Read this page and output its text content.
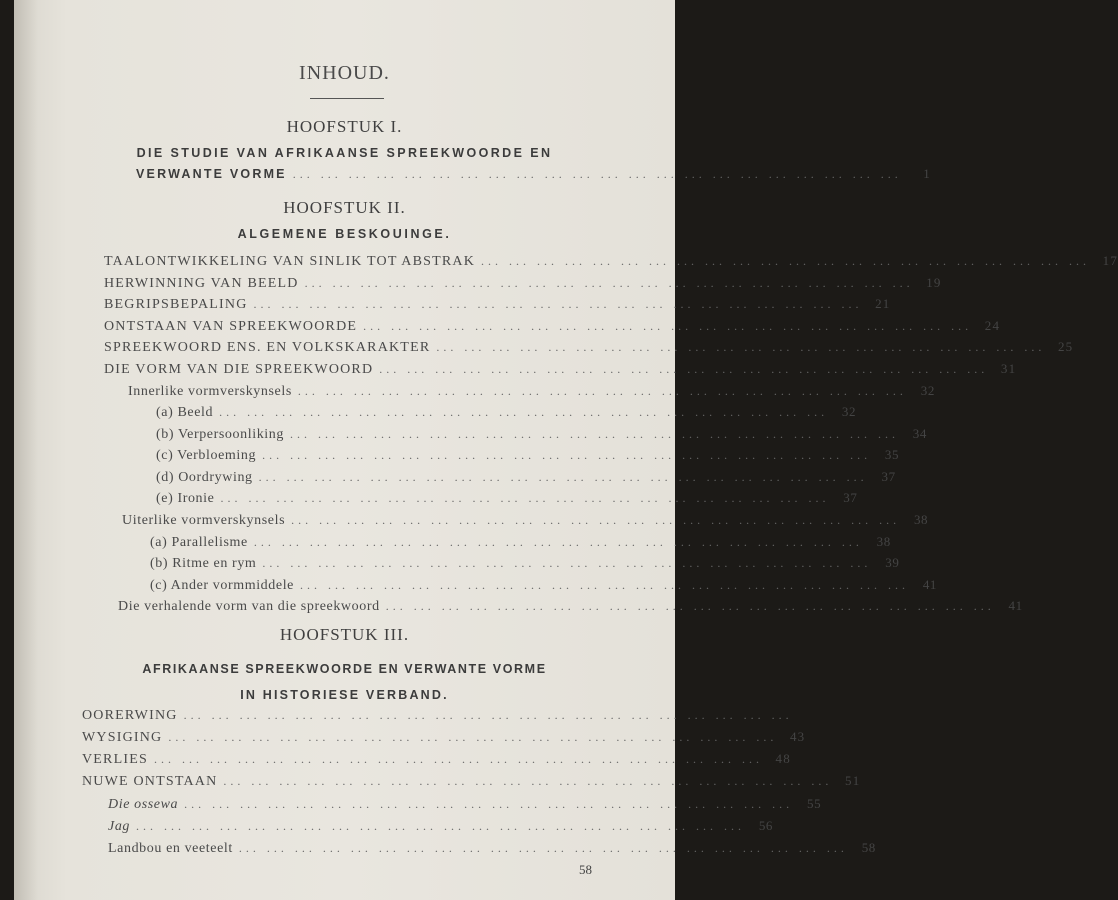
INHOUD.
HOOFSTUK I.
DIE STUDIE VAN AFRIKAANSE SPREEKWOORDE EN
VERWANTE VORME ... ... ... ... ... ... ... ... ... ... ... ... ... ... ... ... ... ... ... ... ... ...	1
HOOFSTUK II.
ALGEMENE BESKOUINGE.
TAALONTWIKKELING VAN SINLIK TOT ABSTRAK ... ... ... ... ... ... ... ... ... ... ... ... ... ... ... ... ... ... ... ... ... ... 17
HERWINNING VAN BEELD ... ... ... ... ... ... ... ... ... ... ... ... ... ... ... ... ... ... ... ... ... ... 19
BEGRIPSBEPALING ... ... ... ... ... ... ... ... ... ... ... ... ... ... ... ... ... ... ... ... ... ... 21
ONTSTAAN VAN SPREEKWOORDE ... ... ... ... ... ... ... ... ... ... ... ... ... ... ... ... ... ... ... ... ... ... 24
SPREEKWOORD ENS. EN VOLKSKARAKTER ... ... ... ... ... ... ... ... ... ... ... ... ... ... ... ... ... ... ... ... ... ... 25
DIE VORM VAN DIE SPREEKWOORD ... ... ... ... ... ... ... ... ... ... ... ... ... ... ... ... ... ... ... ... ... ... 31
Innerlike vormverskynsels ... ... ... ... ... ... ... ... ... ... ... ... ... ... ... ... ... ... ... ... ... ...	32
(a) Beeld ... ... ... ... ... ... ... ... ... ... ... ... ... ... ... ... ... ... ... ... ... ...	32
(b) Verpersoonliking ... ... ... ... ... ... ... ... ... ... ... ... ... ... ... ... ... ... ... ... ... ...	34
(c) Verbloeming ... ... ... ... ... ... ... ... ... ... ... ... ... ... ... ... ... ... ... ... ... ...	35
(d) Oordrywing ... ... ... ... ... ... ... ... ... ... ... ... ... ... ... ... ... ... ... ... ... ...	37
(e) Ironie ... ... ... ... ... ... ... ... ... ... ... ... ... ... ... ... ... ... ... ... ... ...	37
Uiterlike vormverskynsels ... ... ... ... ... ... ... ... ... ... ... ... ... ... ... ... ... ... ... ... ... ...	38
(a) Parallelisme ... ... ... ... ... ... ... ... ... ... ... ... ... ... ... ... ... ... ... ... ... ...	38
(b) Ritme en rym ... ... ... ... ... ... ... ... ... ... ... ... ... ... ... ... ... ... ... ... ... ...	39
(c) Ander vormmiddele ... ... ... ... ... ... ... ... ... ... ... ... ... ... ... ... ... ... ... ... ... ...	41
Die verhalende vorm van die spreekwoord ... ... ... ... ... ... ... ... ... ... ... ... ... ... ... ... ... ... ... ... ... ...	41
HOOFSTUK III.
AFRIKAANSE SPREEKWOORDE EN VERWANTE VORME
IN HISTORIESE VERBAND.
OORERWING ... ... ... ... ... ... ... ... ... ... ... ... ... ... ... ... ... ... ... ... ... ...
WYSIGING ... ... ... ... ... ... ... ... ... ... ... ... ... ... ... ... ... ... ... ... ... ... 43
VERLIES ... ... ... ... ... ... ... ... ... ... ... ... ... ... ... ... ... ... ... ... ... ... 48
NUWE ONTSTAAN ... ... ... ... ... ... ... ... ... ... ... ... ... ... ... ... ... ... ... ... ... ... 51
Die ossewa ... ... ... ... ... ... ... ... ... ... ... ... ... ... ... ... ... ... ... ... ... ...	55
Jag ... ... ... ... ... ... ... ... ... ... ... ... ... ... ... ... ... ... ... ... ... ...	56
Landbou en veeteelt ... ... ... ... ... ... ... ... ... ... ... ... ... ... ... ... ... ... ... ... ... ...	58
58
